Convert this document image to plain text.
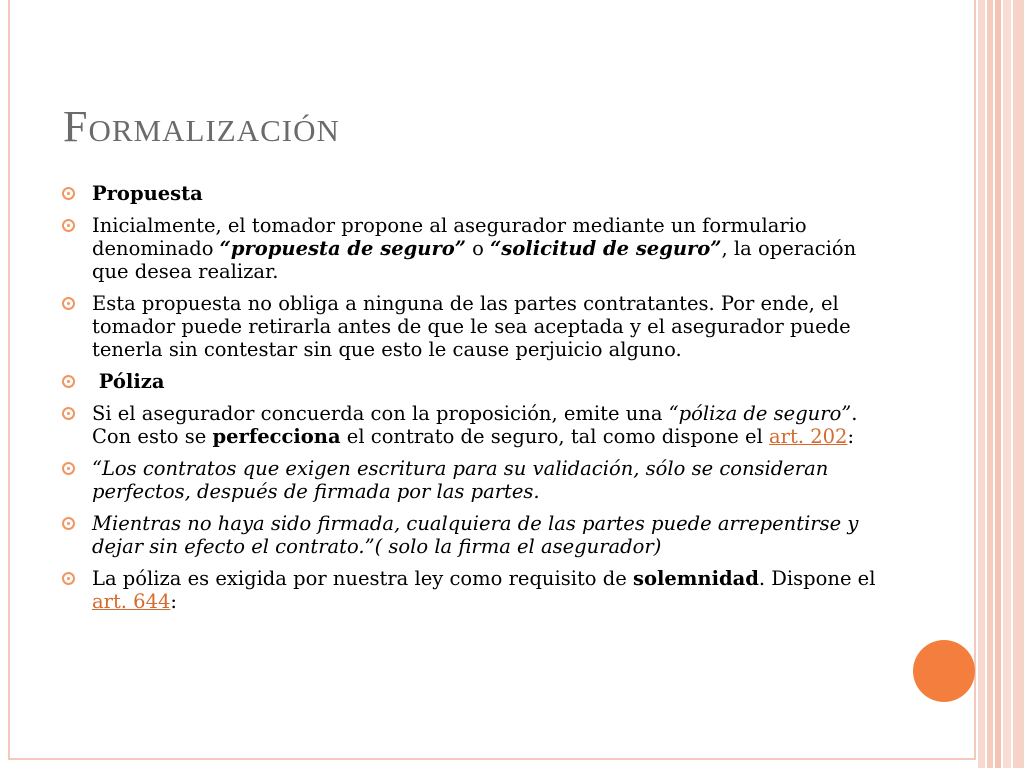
Formalización
Propuesta
Inicialmente, el tomador propone al asegurador mediante un formulario denominado “propuesta de seguro” o “solicitud de seguro”, la operación que desea realizar.
Esta propuesta no obliga a ninguna de las partes contratantes. Por ende, el tomador puede retirarla antes de que le sea aceptada y el asegurador puede tenerla sin contestar sin que esto le cause perjuicio alguno.
Póliza
Si el asegurador concuerda con la proposición, emite una “póliza de seguro”. Con esto se perfecciona el contrato de seguro, tal como dispone el art. 202:
“Los contratos que exigen escritura para su validación, sólo se consideran perfectos, después de firmada por las partes.
Mientras no haya sido firmada, cualquiera de las partes puede arrepentirse y dejar sin efecto el contrato.”( solo la firma el asegurador)
La póliza es exigida por nuestra ley como requisito de solemnidad. Dispone el art. 644:
